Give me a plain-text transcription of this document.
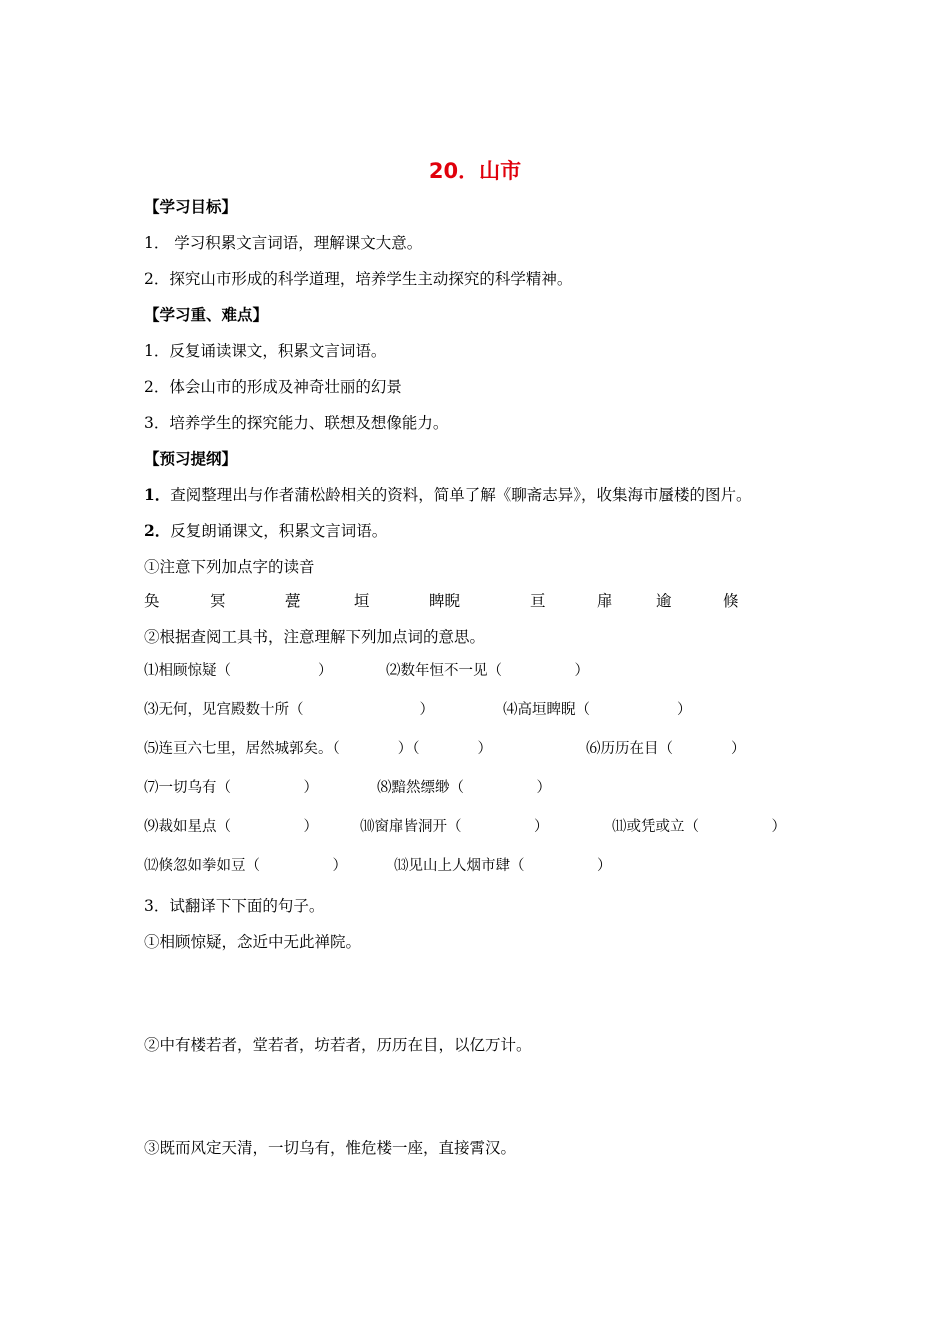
20．山市
【学习目标】
1． 学习积累文言词语，理解课文大意。
2．探究山市形成的科学道理，培养学生主动探究的科学精神。
【学习重、难点】
1．反复诵读课文，积累文言词语。
2．体会山市的形成及神奇壮丽的幻景
3．培养学生的探究能力、联想及想像能力。
【预习提纲】
1．查阅整理出与作者蒲松龄相关的资料，简单了解《聊斋志异》，收集海市蜃楼的图片。
2．反复朗诵课文，积累文言词语。
①注意下列加点字的读音
奂	冥	甍	垣	睥睨	亘	扉	逾	倏
②根据查阅工具书，注意理解下列加点词的意思。
⑴相顾惊疑（　　　　　　）	⑵数年恒不一见（　　　　　）
⑶无何，见宫殿数十所（　　　　　　　　）	⑷高垣睥睨（　　　　　　）
⑸连亘六七里，居然城郭矣。（　　　　）（　　　　）	⑹历历在目（　　　　）
⑺一切乌有（　　　　　）	⑻黯然缥缈（　　　　　）
⑼裁如星点（　　　　　）	⑽窗扉皆洞开（　　　　　）	⑾或凭或立（　　　　　）
⑿倏忽如拳如豆（　　　　　）	⒀见山上人烟市肆（　　　　　）
3．试翻译下下面的句子。
①相顾惊疑，念近中无此禅院。
②中有楼若者，堂若者，坊若者，历历在目，以亿万计。
③既而风定天清，一切乌有，惟危楼一座，直接霄汉。
